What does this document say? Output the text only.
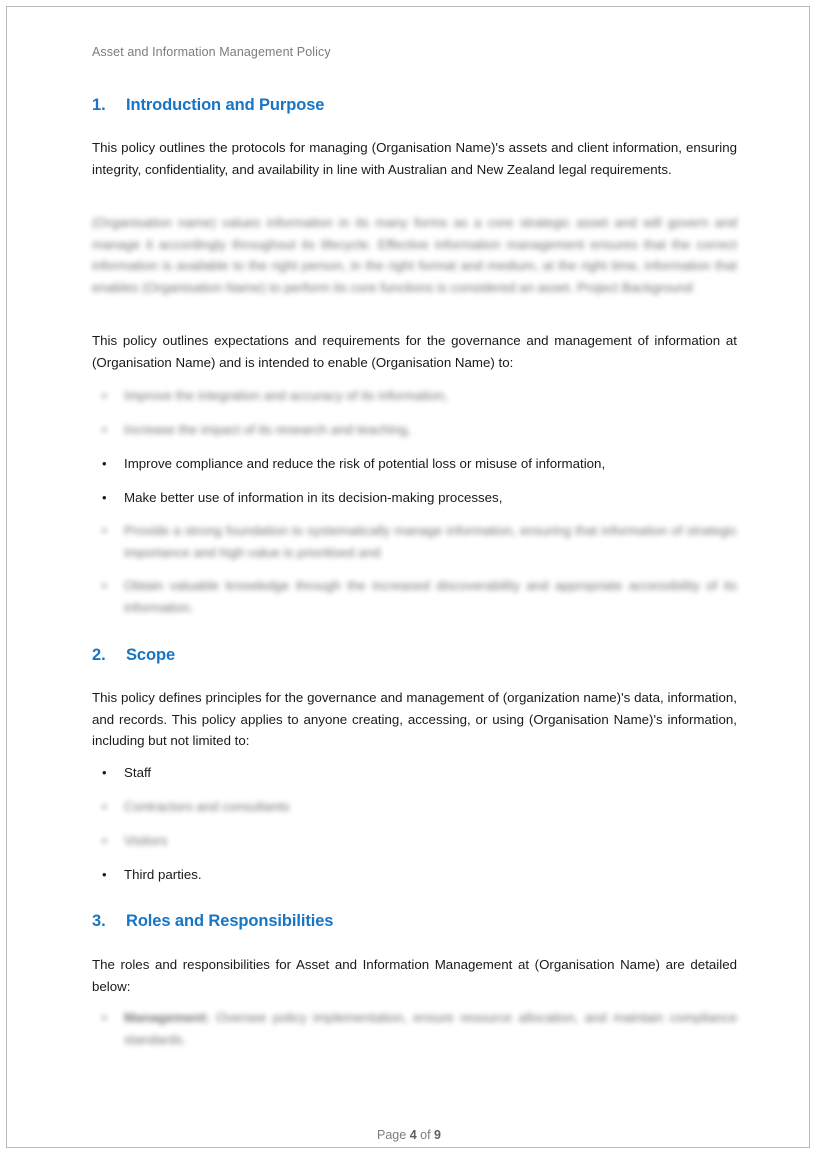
Asset and Information Management Policy
1. Introduction and Purpose
This policy outlines the protocols for managing (Organisation Name)'s assets and client information, ensuring integrity, confidentiality, and availability in line with Australian and New Zealand legal requirements.
(Organisation name) values information in its many forms as a core strategic asset and will govern and manage it accordingly throughout its lifecycle. Effective information management ensures that the correct information is available to the right person, in the right format and medium, at the right time, information that enables (Organisation Name) to perform its core functions is considered an asset. Project Background
This policy outlines expectations and requirements for the governance and management of information at (Organisation Name) and is intended to enable (Organisation Name) to:
• Improve the integration and accuracy of its information,
• Increase the impact of its research and teaching,
• Improve compliance and reduce the risk of potential loss or misuse of information,
• Make better use of information in its decision-making processes,
• Provide a strong foundation to systematically manage information, ensuring that information of strategic importance and high value is prioritised and
• Obtain valuable knowledge through the increased discoverability and appropriate accessibility of its information.
2. Scope
This policy defines principles for the governance and management of (organization name)'s data, information, and records. This policy applies to anyone creating, accessing, or using (Organisation Name)'s information, including but not limited to:
• Staff
• Contractors and consultants
• Visitors
• Third parties.
3. Roles and Responsibilities
The roles and responsibilities for Asset and Information Management at (Organisation Name) are detailed below:
• Management: Oversee policy implementation, ensure resource allocation, and maintain compliance standards.
Page 4 of 9
